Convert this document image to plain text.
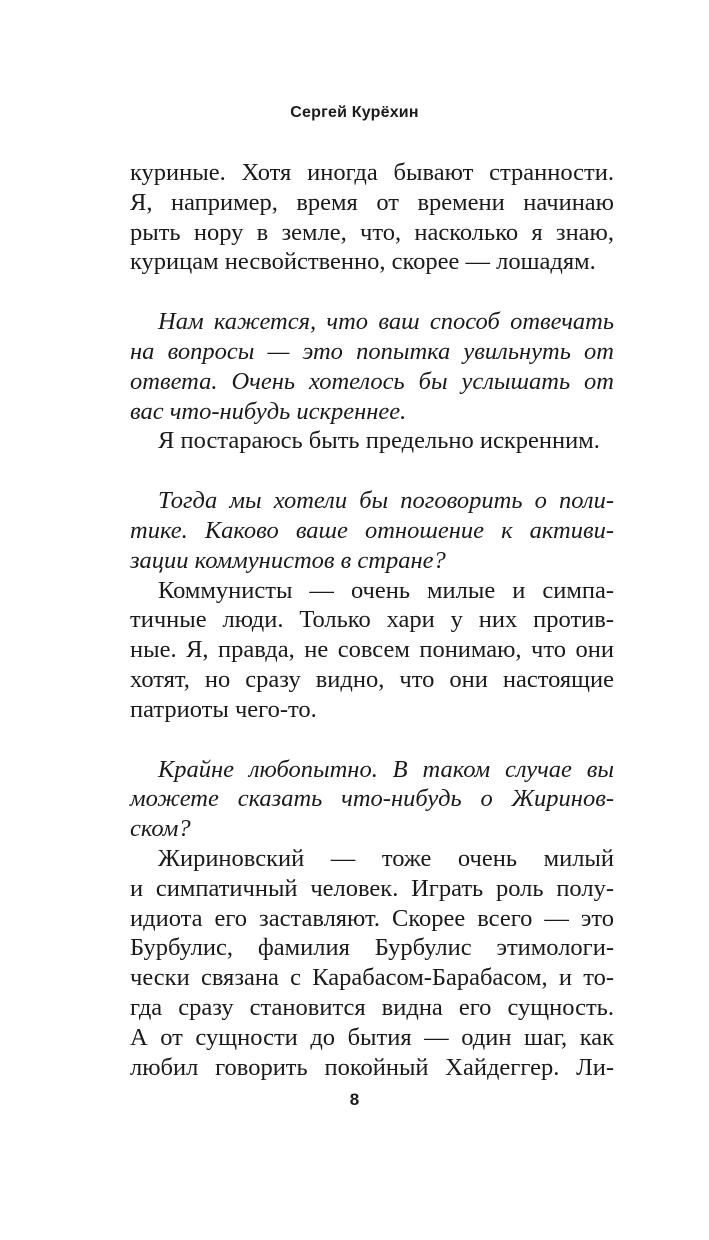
Сергей Курёхин
куриные. Хотя иногда бывают странности.
Я, например, время от времени начинаю
рыть нору в земле, что, насколько я знаю,
курицам несвойственно, скорее — лошадям.
Нам кажется, что ваш способ отвечать
на вопросы — это попытка увильнуть от
ответа. Очень хотелось бы услышать от
вас что-нибудь искреннее.
Я постараюсь быть предельно искренним.
Тогда мы хотели бы поговорить о поли-
тике. Каково ваше отношение к активи-
зации коммунистов в стране?
Коммунисты — очень милые и симпа-
тичные люди. Только хари у них против-
ные. Я, правда, не совсем понимаю, что они
хотят, но сразу видно, что они настоящие
патриоты чего-то.
Крайне любопытно. В таком случае вы
можете сказать что-нибудь о Жиринов-
ском?
Жириновский — тоже очень милый
и симпатичный человек. Играть роль полу-
идиота его заставляют. Скорее всего — это
Бурбулис, фамилия Бурбулис этимологи-
чески связана с Карабасом-Барабасом, и то-
гда сразу становится видна его сущность.
А от сущности до бытия — один шаг, как
любил говорить покойный Хайдеггер. Ли-
8
